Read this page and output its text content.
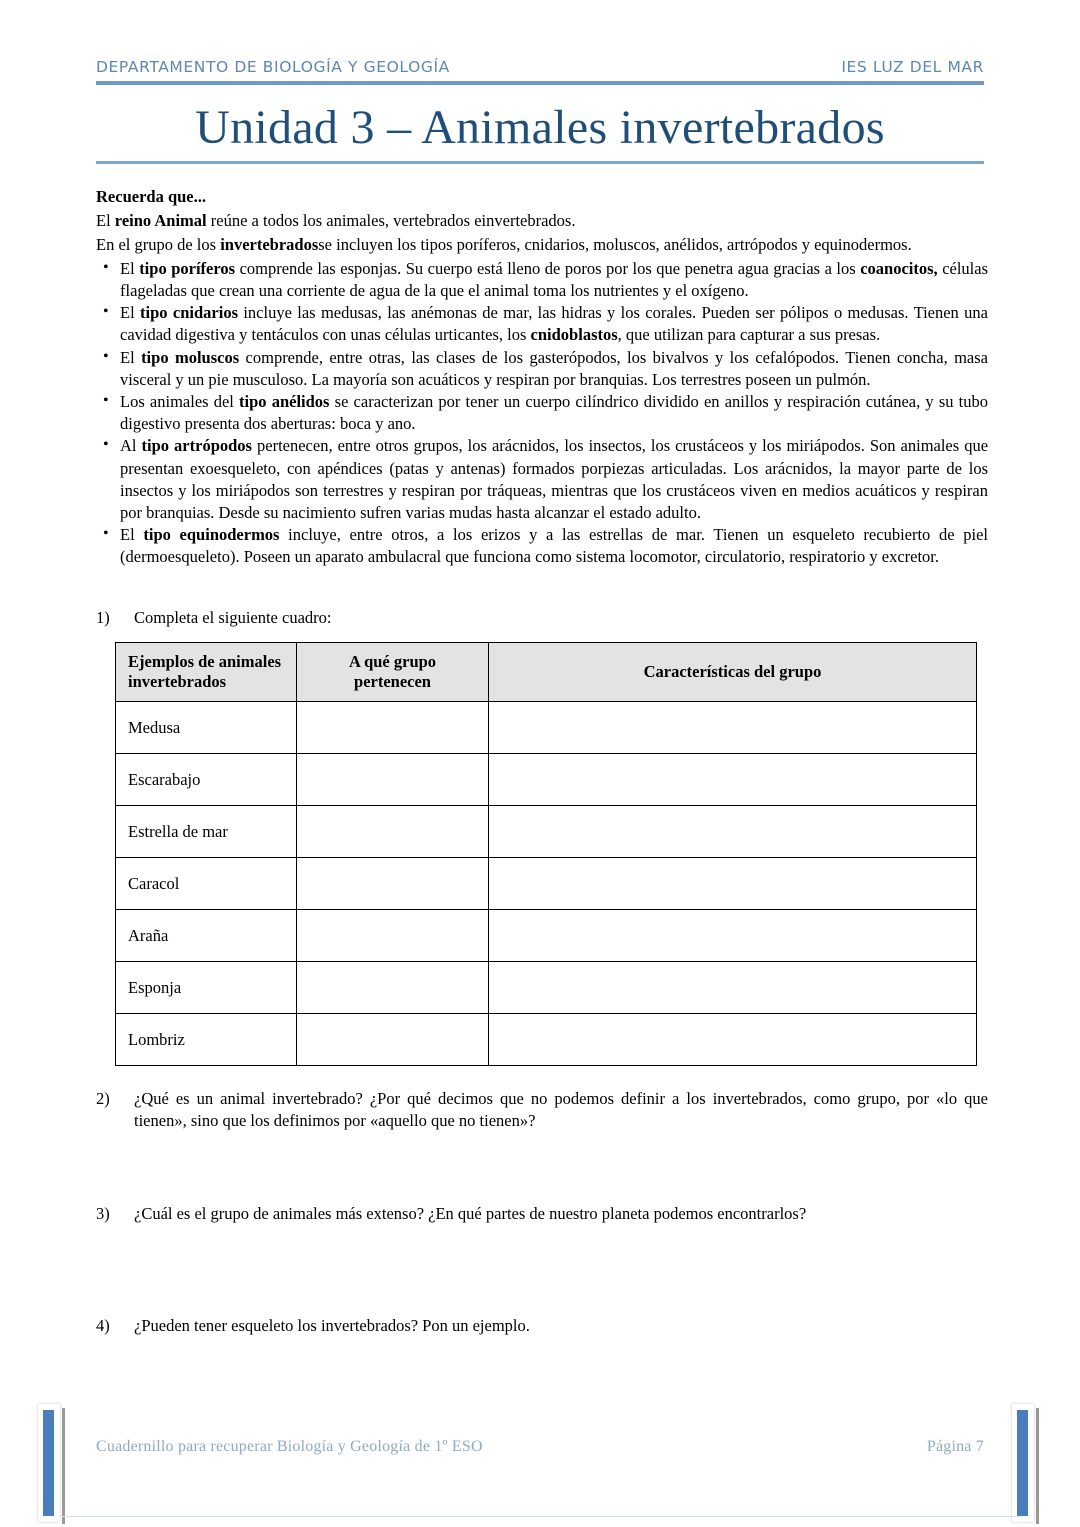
DEPARTAMENTO DE BIOLOGÍA Y GEOLOGÍA	IES LUZ DEL MAR
Unidad 3 – Animales invertebrados

Recuerda que...

El reino Animal reúne a todos los animales, vertebrados einvertebrados.

En el grupo de los invertebradosse incluyen los tipos poríferos, cnidarios, moluscos, anélidos, artrópodos y equinodermos.

• El tipo poríferos comprende las esponjas. Su cuerpo está lleno de poros por los que penetra agua gracias a los coanocitos, células flageladas que crean una corriente de agua de la que el animal toma los nutrientes y el oxígeno.
• El tipo cnidarios incluye las medusas, las anémonas de mar, las hidras y los corales. Pueden ser pólipos o medusas. Tienen una cavidad digestiva y tentáculos con unas células urticantes, los cnidoblastos, que utilizan para capturar a sus presas.
• El tipo moluscos comprende, entre otras, las clases de los gasterópodos, los bivalvos y los cefalópodos. Tienen concha, masa visceral y un pie musculoso. La mayoría son acuáticos y respiran por branquias. Los terrestres poseen un pulmón.
• Los animales del tipo anélidos se caracterizan por tener un cuerpo cilíndrico dividido en anillos y respiración cutánea, y su tubo digestivo presenta dos aberturas: boca y ano.
• Al tipo artrópodos pertenecen, entre otros grupos, los arácnidos, los insectos, los crustáceos y los miriápodos. Son animales que presentan exoesqueleto, con apéndices (patas y antenas) formados porpiezas articuladas. Los arácnidos, la mayor parte de los insectos y los miriápodos son terrestres y respiran por tráqueas, mientras que los crustáceos viven en medios acuáticos y respiran por branquias. Desde su nacimiento sufren varias mudas hasta alcanzar el estado adulto.
• El tipo equinodermos incluye, entre otros, a los erizos y a las estrellas de mar. Tienen un esqueleto recubierto de piel (dermoesqueleto). Poseen un aparato ambulacral que funciona como sistema locomotor, circulatorio, respiratorio y excretor.
1)	Completa el siguiente cuadro:
Ejemplos de animales invertebrados	A qué grupo pertenecen	Características del grupo
Medusa		
Escarabajo		
Estrella de mar		
Caracol		
Araña		
Esponja		
Lombriz		
2)	¿Qué es un animal invertebrado? ¿Por qué decimos que no podemos definir a los invertebrados, como grupo, por «lo que tienen», sino que los definimos por «aquello que no tienen»?
3)	¿Cuál es el grupo de animales más extenso? ¿En qué partes de nuestro planeta podemos encontrarlos?
4)	¿Pueden tener esqueleto los invertebrados? Pon un ejemplo.
Cuadernillo para recuperar Biología y Geología de 1º ESO	Página 7
